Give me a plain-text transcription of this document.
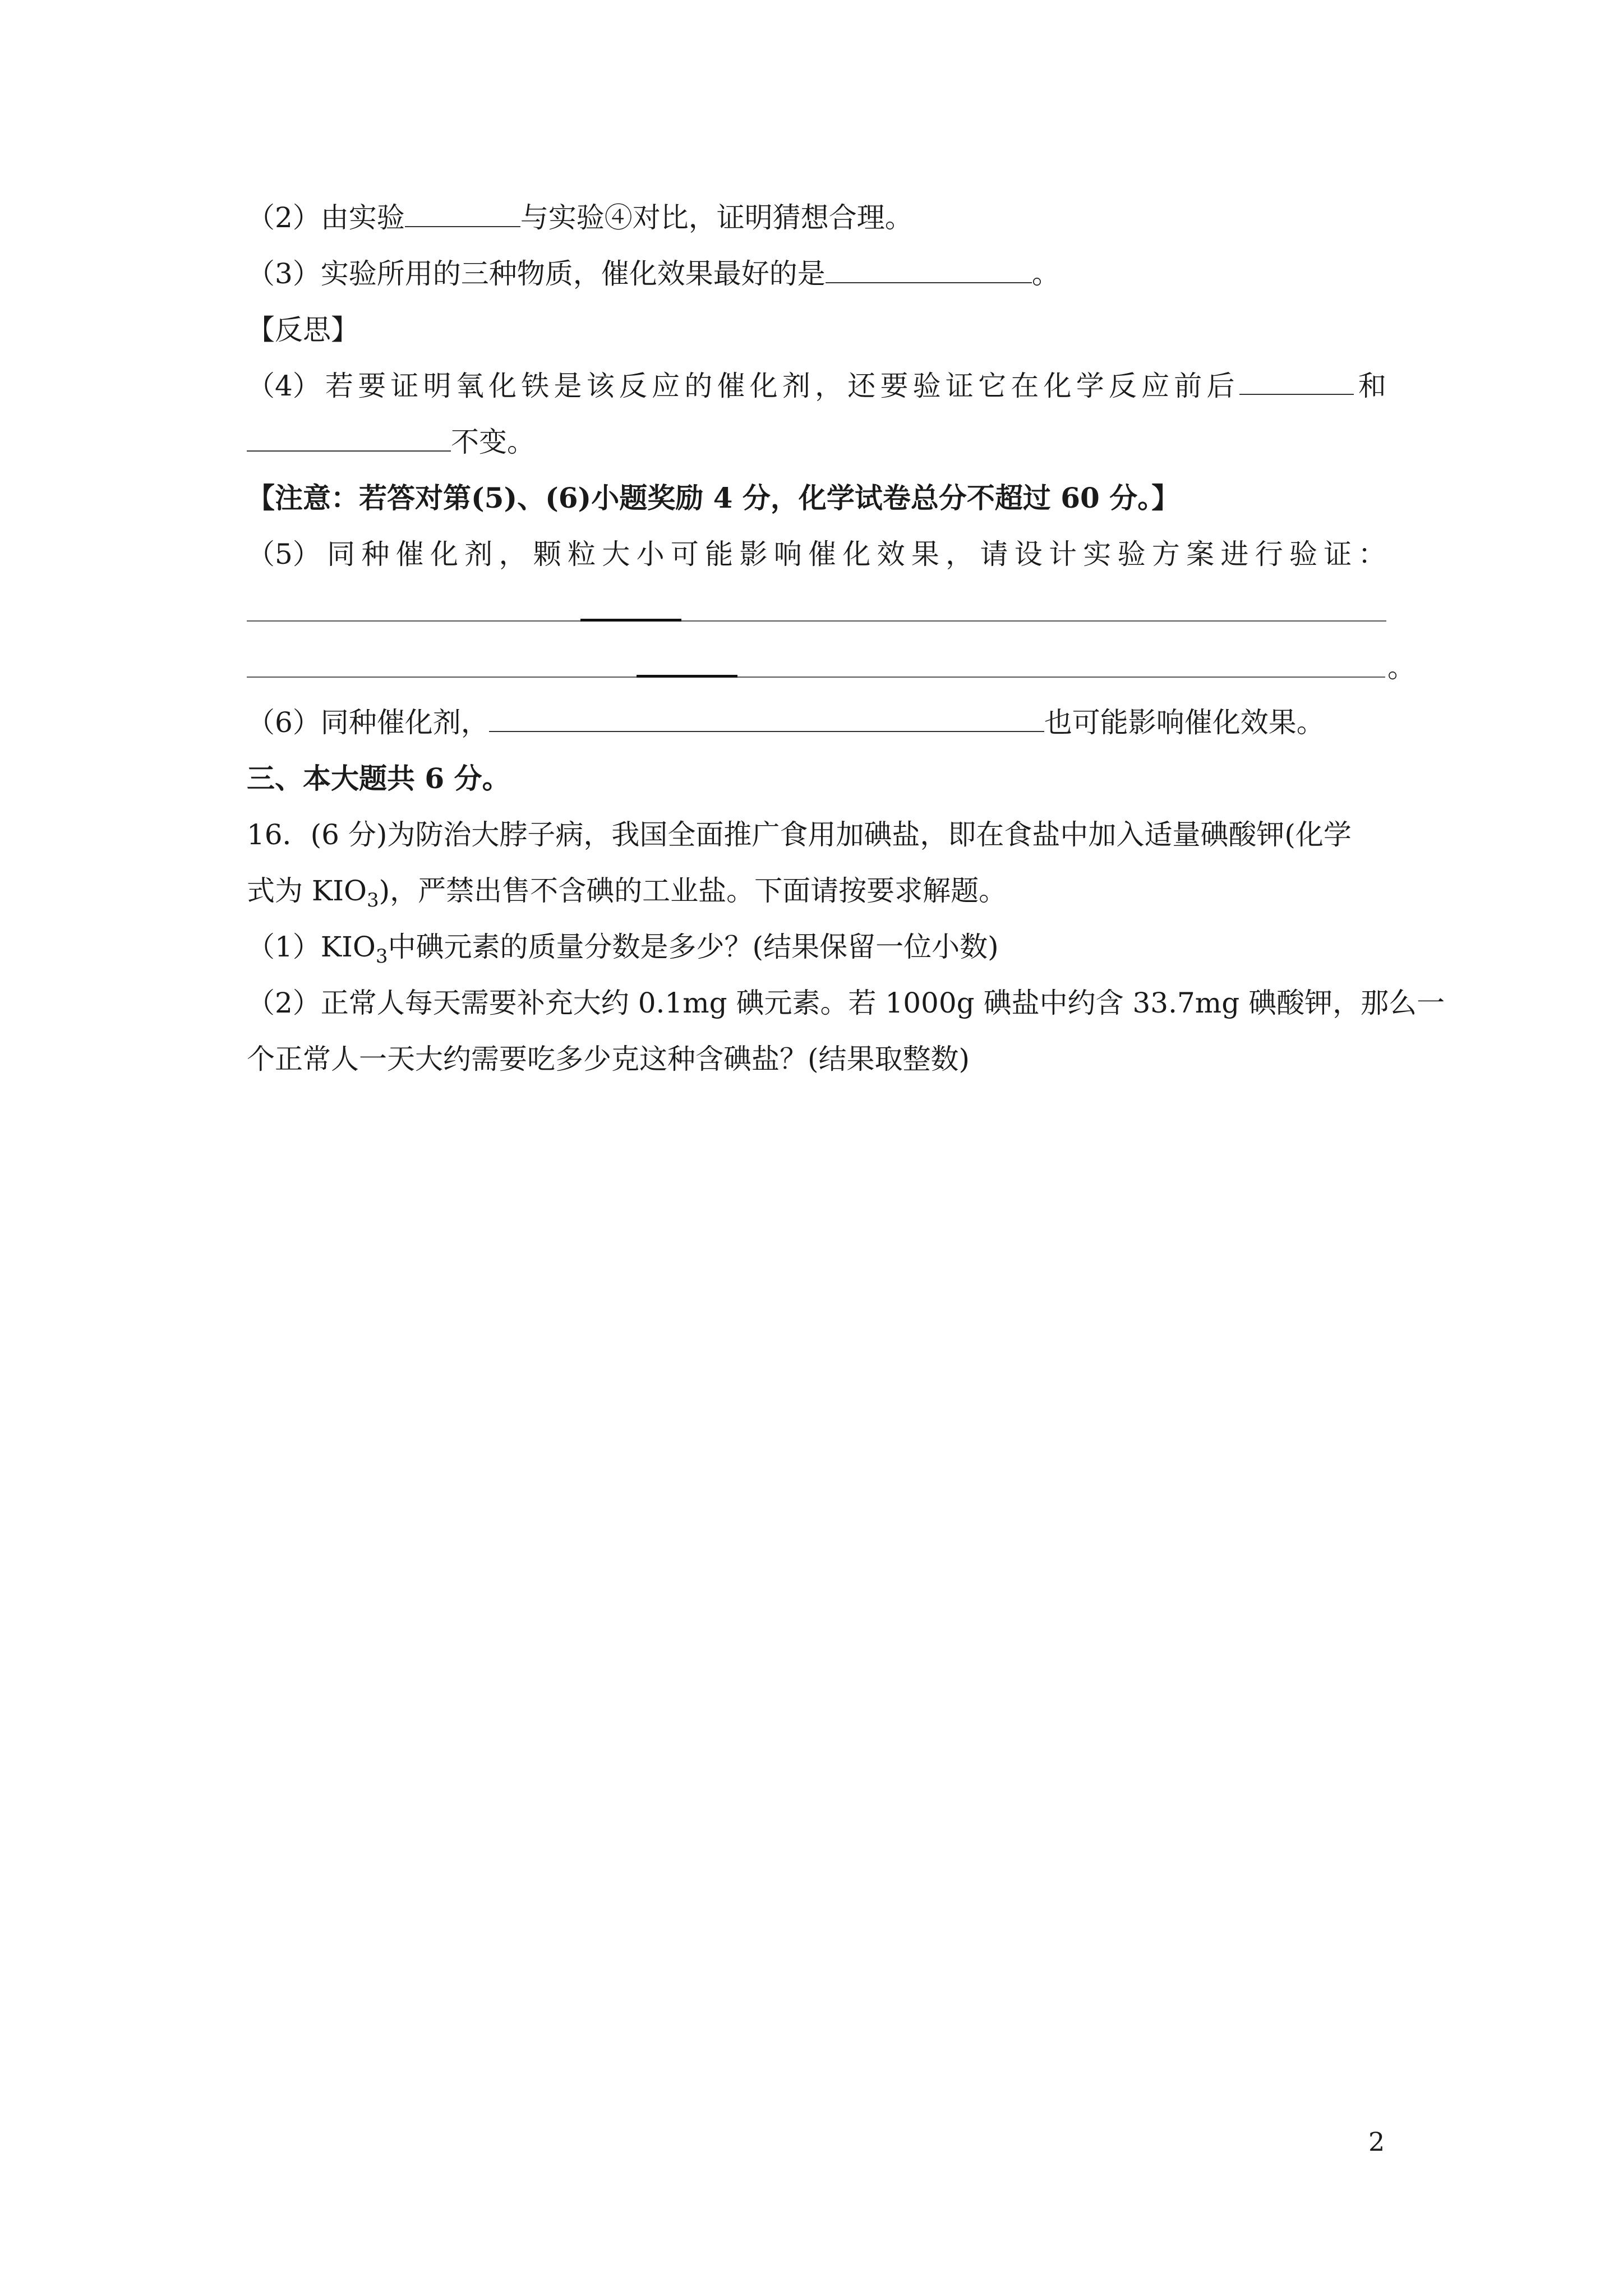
（2）由实验	与实验④对比，证明猜想合理。
（3）实验所用的三种物质，催化效果最好的是	。
【反思】
（4） 若 要 证 明 氧 化 铁 是 该 反 应 的 催 化 剂 ， 还 要 验 证 它 在 化 学 反 应 前 后	和
不变。
【注意：若答对第(5)、(6)小题奖励 4 分，化学试卷总分不超过 60 分。】
（5） 同 种 催 化 剂 ， 颗 粒 大 小 可 能 影 响 催 化 效 果 ， 请 设 计 实 验 方 案 进 行 验 证 ：
。
（6）同种催化剂，	也可能影响催化效果。
三、本大题共 6 分。
16．(6 分)为防治大脖子病，我国全面推广食用加碘盐，即在食盐中加入适量碘酸钾(化学
式为 $KIO_3$)，严禁出售不含碘的工业盐。下面请按要求解题。
$(1)KIO_3$中碘元素的质量分数是多少？(结果保留一位小数)
（2）正常人每天需要补充大约 0.1mg 碘元素。若 1000g 碘盐中约含 33.7mg 碘酸钾，那么一
个正常人一天大约需要吃多少克这种含碘盐？(结果取整数)
2
